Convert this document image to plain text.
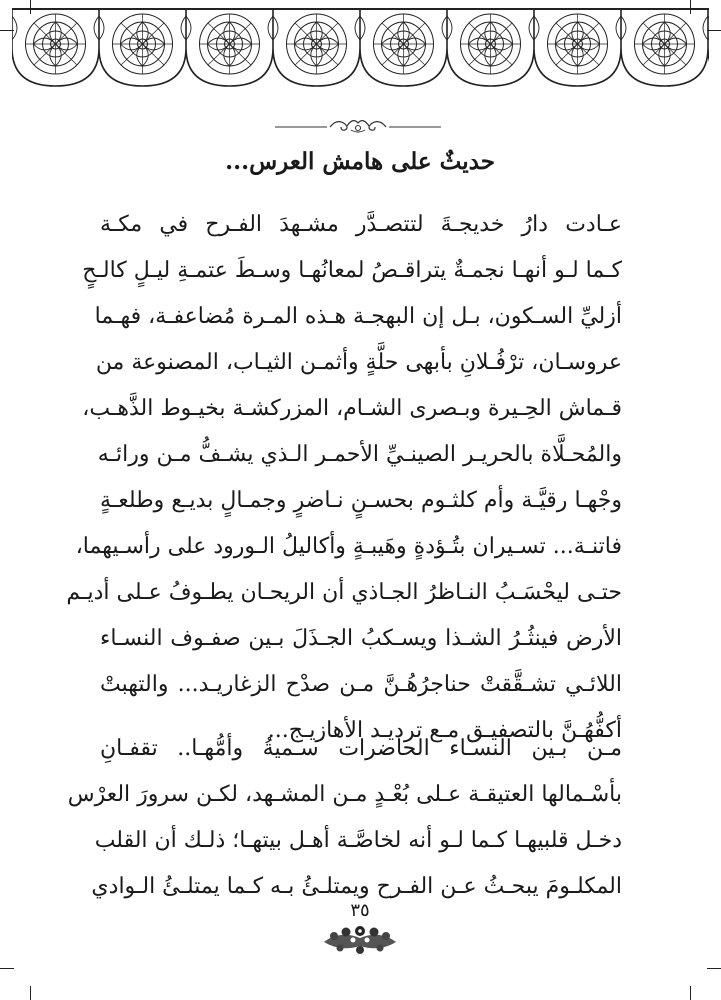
حديثٌ على هامش العرس...
عـادت دارُ خديجـةَ لتتصـدَّر مشـهدَ الفـرح في مكـة
كـما لـو أنهـا نجمـةٌ يتراقـصُ لمعانُهـا وسـطَ عتمـةِ ليـلٍ كالـحٍ
أزليِّ السـكون، بـل إن البهجـة هـذه المـرة مُضاعفـة، فهـما
عروسـان، ترْفُـلانِ بأبهى حلَّةٍ وأثمـن الثيـاب، المصنوعة من
قـماش الحِـيرة وبـصرى الشـام، المزركشـة بخيـوط الذَّهـب،
والمُحـلَّاة بالحريـر الصينـيِّ الأحمـر الـذي يشـفُّ مـن ورائـه
وجْهـا رقيَّـة وأم كلثـوم بحسـنٍ نـاضرٍ وجمـالٍ بديـع وطلعـةٍ
فاتنـة... تسـيران بتُـؤدةٍ وهَيبـةٍ وأكاليلُ الـورود على رأسـيهما،
حتـى ليحْسَـبُ النـاظرُ الجـاذي أن الريحـان يطـوفُ عـلى أديـم
الأرض فينثُـرُ الشـذا ويسـكبُ الجـذَلَ بـين صفـوف النسـاء
اللائـي تشـقَّقتْ حناجرُهُـنَّ مـن صدْح الزغاريـد... والتهبتْ
أكفُّهُـنَّ بالتصفيـق مـع ترديـد الأهازيـج...
مـن بـين النسـاء الحاضرات سـميةُ وأمُّهـا.. تقفـانِ
بأسْـمالها العتيقـة عـلى بُعْـدٍ مـن المشـهد، لكـن سرورَ العرْس
دخـل قلبيهـا كـما لـو أنه لخاصَّـة أهـل بيتهـا؛ ذلـك أن القلب
المكلـومَ يبحـثُ عـن الفـرح ويمتلـئُ بـه كـما يمتلـئُ الـوادي
٣٥
